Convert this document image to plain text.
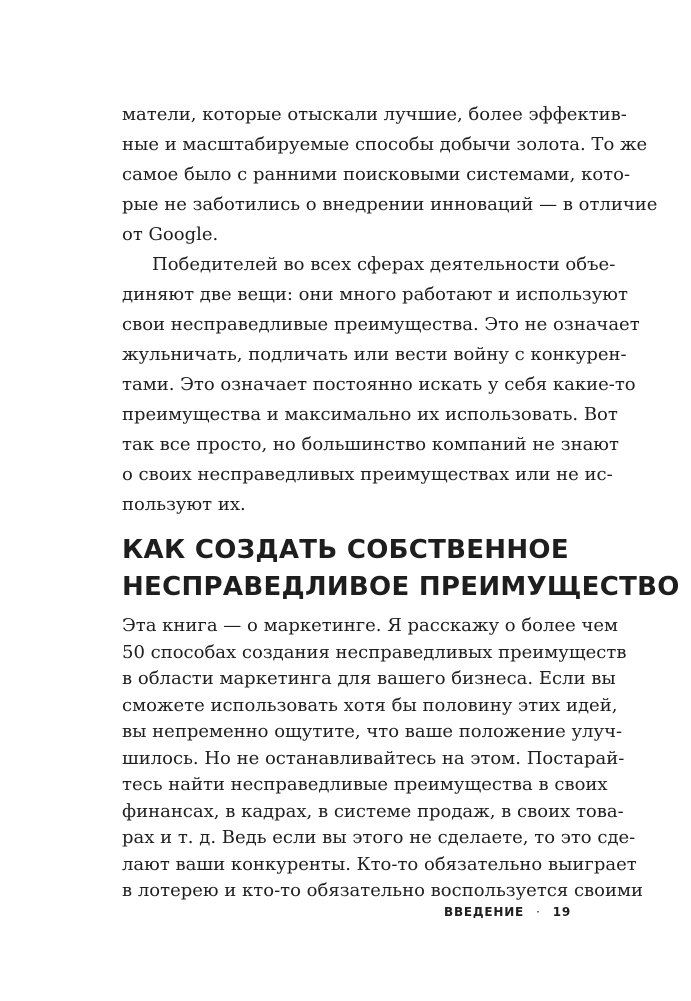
матели, которые отыскали лучшие, более эффектив-
ные и масштабируемые способы добычи золота. То же
самое было с ранними поисковыми системами, кото-
рые не заботились о внедрении инноваций — в отличие
от Google.
Победителей во всех сферах деятельности объе-
диняют две вещи: они много работают и используют
свои несправедливые преимущества. Это не означает
жульничать, подличать или вести войну с конкурен-
тами. Это означает постоянно искать у себя какие-то
преимущества и максимально их использовать. Вот
так все просто, но большинство компаний не знают
о своих несправедливых преимуществах или не ис-
пользуют их.
КАК СОЗДАТЬ СОБСТВЕННОЕ
НЕСПРАВЕДЛИВОЕ ПРЕИМУЩЕСТВО
Эта книга — о маркетинге. Я расскажу о более чем
50 способах создания несправедливых преимуществ
в области маркетинга для вашего бизнеса. Если вы
сможете использовать хотя бы половину этих идей,
вы непременно ощутите, что ваше положение улуч-
шилось. Но не останавливайтесь на этом. Постарай-
тесь найти несправедливые преимущества в своих
финансах, в кадрах, в системе продаж, в своих това-
рах и т. д. Ведь если вы этого не сделаете, то это сде-
лают ваши конкуренты. Кто-то обязательно выиграет
в лотерею и кто-то обязательно воспользуется своими
ВВЕДЕНИЕ · 19
